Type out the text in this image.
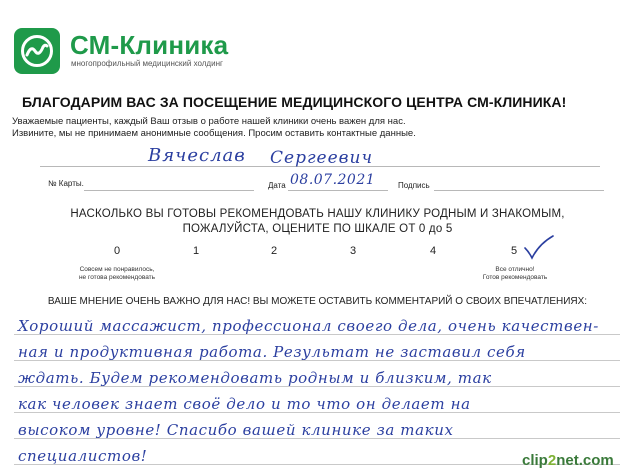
СМ-Клиника
многопрофильный медицинский холдинг
БЛАГОДАРИМ ВАС ЗА ПОСЕЩЕНИЕ МЕДИЦИНСКОГО ЦЕНТРА СМ-КЛИНИКА!
Уважаемые пациенты, каждый Ваш отзыв о работе нашей клиники очень важен для нас.
Извините, мы не принимаем анонимные сообщения. Просим оставить контактные данные.
Вячеслав Сергеевич
№ Карты.	Дата 08.07.2021	Подпись
НАСКОЛЬКО ВЫ ГОТОВЫ РЕКОМЕНДОВАТЬ НАШУ КЛИНИКУ РОДНЫМ И ЗНАКОМЫМ,
ПОЖАЛУЙСТА, ОЦЕНИТЕ ПО ШКАЛЕ ОТ 0 до 5
0	1	2	3	4	5
Совсем не понравилось,
не готова рекомендовать
Все отлично!
Готов рекомендовать
ВАШЕ МНЕНИЕ ОЧЕНЬ ВАЖНО ДЛЯ НАС! ВЫ МОЖЕТЕ ОСТАВИТЬ КОММЕНТАРИЙ О СВОИХ ВПЕЧАТЛЕНИЯХ:
Хороший массажист, профессионал своего дела, очень качествен-
ная и продуктивная работа. Результат не заставил себя
ждать. Будем рекомендовать родным и близким, так
как человек знает своё дело и то что он делает на
высоком уровне! Спасибо вашей клинике за таких
специалистов!	clip2net.com
